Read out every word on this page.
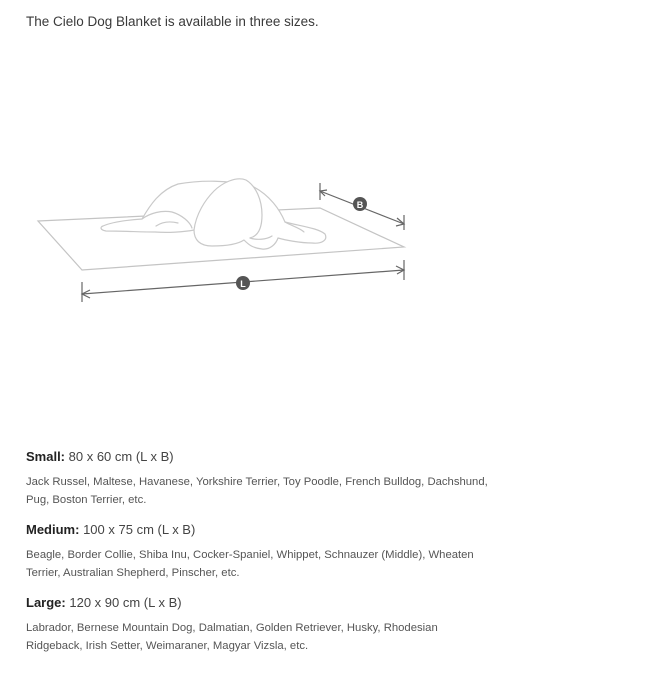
The Cielo Dog Blanket is available in three sizes.

B
L
Small: 80 x 60 cm (L x B)

Jack Russel, Maltese, Havanese, Yorkshire Terrier, Toy Poodle, French Bulldog, Dachshund, Pug, Boston Terrier, etc.

Medium: 100 x 75 cm (L x B)

Beagle, Border Collie, Shiba Inu, Cocker-Spaniel, Whippet, Schnauzer (Middle), Wheaten Terrier, Australian Shepherd, Pinscher, etc.

Large: 120 x 90 cm (L x B)

Labrador, Bernese Mountain Dog, Dalmatian, Golden Retriever, Husky, Rhodesian Ridgeback, Irish Setter, Weimaraner, Magyar Vizsla, etc.
